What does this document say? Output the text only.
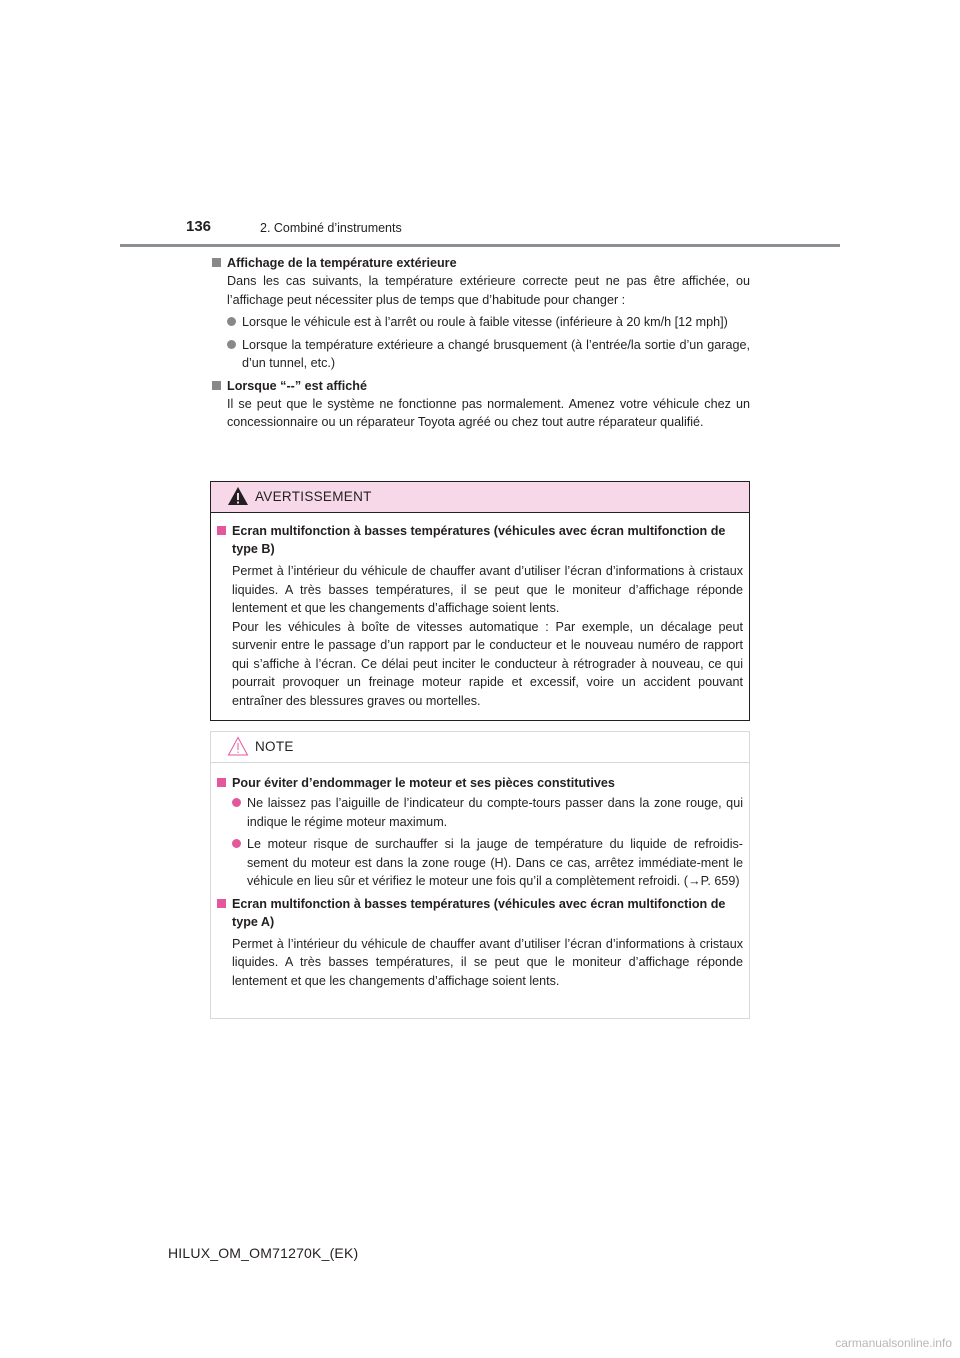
136	2. Combiné d’instruments
Affichage de la température extérieure
Dans les cas suivants, la température extérieure correcte peut ne pas être affichée, ou l’affichage peut nécessiter plus de temps que d’habitude pour changer :
Lorsque le véhicule est à l’arrêt ou roule à faible vitesse (inférieure à 20 km/h [12 mph])
Lorsque la température extérieure a changé brusquement (à l’entrée/la sortie d’un garage, d’un tunnel, etc.)
Lorsque “--” est affiché
Il se peut que le système ne fonctionne pas normalement. Amenez votre véhicule chez un concessionnaire ou un réparateur Toyota agréé ou chez tout autre réparateur qualifié.
AVERTISSEMENT
Ecran multifonction à basses températures (véhicules avec écran multifonction de type B)
Permet à l’intérieur du véhicule de chauffer avant d’utiliser l’écran d’informations à cristaux liquides. A très basses températures, il se peut que le moniteur d’affichage réponde lentement et que les changements d’affichage soient lents.
Pour les véhicules à boîte de vitesses automatique : Par exemple, un décalage peut survenir entre le passage d’un rapport par le conducteur et le nouveau numéro de rapport qui s’affiche à l’écran. Ce délai peut inciter le conducteur à rétrograder à nouveau, ce qui pourrait provoquer un freinage moteur rapide et excessif, voire un accident pouvant entraîner des blessures graves ou mortelles.
NOTE
Pour éviter d’endommager le moteur et ses pièces constitutives
Ne laissez pas l’aiguille de l’indicateur du compte-tours passer dans la zone rouge, qui indique le régime moteur maximum.
Le moteur risque de surchauffer si la jauge de température du liquide de refroidis-sement du moteur est dans la zone rouge (H). Dans ce cas, arrêtez immédiate-ment le véhicule en lieu sûr et vérifiez le moteur une fois qu’il a complètement refroidi. (→P. 659)
Ecran multifonction à basses températures (véhicules avec écran multifonction de type A)
Permet à l’intérieur du véhicule de chauffer avant d’utiliser l’écran d’informations à cristaux liquides. A très basses températures, il se peut que le moniteur d’affichage réponde lentement et que les changements d’affichage soient lents.
HILUX_OM_OM71270K_(EK)
carmanualsonline.info
